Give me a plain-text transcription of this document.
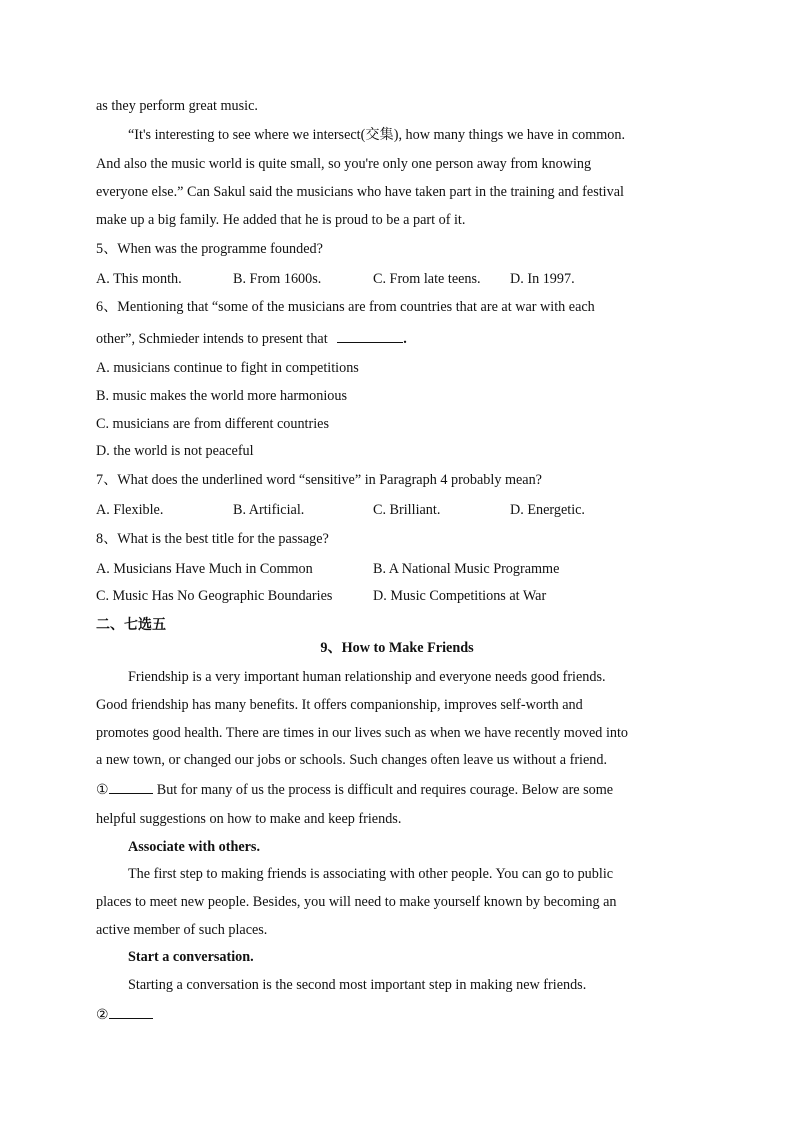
as they perform great music.
“It's interesting to see where we intersect(交集), how many things we have in common.
And also the music world is quite small, so you're only one person away from knowing
everyone else.” Can Sakul said the musicians who have taken part in the training and festival
make up a big family. He added that he is proud to be a part of it.
5、When was the programme founded?
A. This month.	B. From 1600s.	C. From late teens. D. In 1997.
6、Mentioning that “some of the musicians are from countries that are at war with each
other”, Schmieder intends to present that	.
A. musicians continue to fight in competitions
B. music makes the world more harmonious
C. musicians are from different countries
D. the world is not peaceful
7、What does the underlined word “sensitive” in Paragraph 4 probably mean?
A. Flexible.	B. Artificial.	C. Brilliant.	D. Energetic.
8、What is the best title for the passage?
A. Musicians Have Much in Common	B. A National Music Programme
C. Music Has No Geographic Boundaries	D. Music Competitions at War
二、七选五
9、How to Make Friends
Friendship is a very important human relationship and everyone needs good friends.
Good friendship has many benefits. It offers companionship, improves self-worth and
promotes good health. There are times in our lives such as when we have recently moved into
a new town, or changed our jobs or schools. Such changes often leave us without a friend.
①	But for many of us the process is difficult and requires courage. Below are some
helpful suggestions on how to make and keep friends.
Associate with others.
The first step to making friends is associating with other people. You can go to public
places to meet new people. Besides, you will need to make yourself known by becoming an
active member of such places.
Start a conversation.
Starting a conversation is the second most important step in making new friends.
②
